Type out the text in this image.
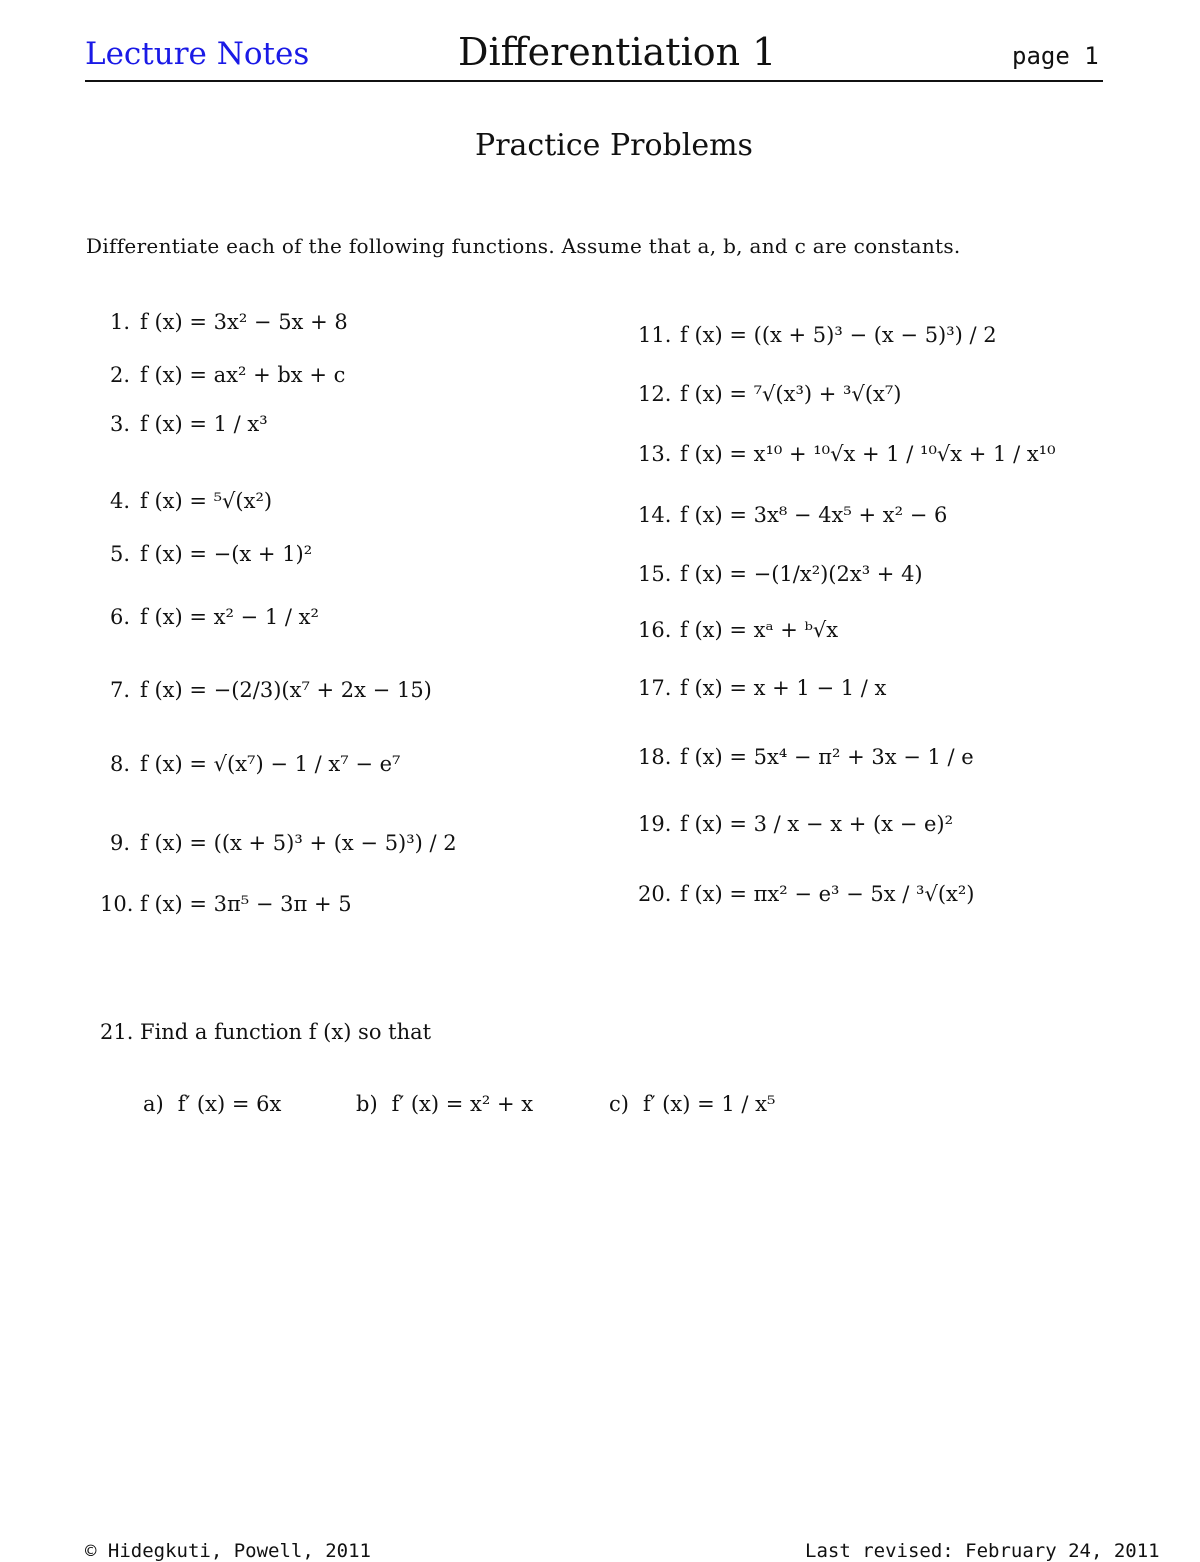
Lecture Notes	Differentiation 1	page 1
Practice Problems
Differentiate each of the following functions. Assume that a, b, and c are constants.
1. f (x) = 3x² − 5x + 8
2. f (x) = ax² + bx + c
3. f (x) = 1 / x³
4. f (x) = ⁵√(x²)
5. f (x) = −(x + 1)²
6. f (x) = x² − 1 / x²
7. f (x) = −(2/3)(x⁷ + 2x − 15)
8. f (x) = √(x⁷) − 1 / x⁷ − e⁷
9. f (x) = ((x + 5)³ + (x − 5)³) / 2
10. f (x) = 3π⁵ − 3π + 5
11. f (x) = ((x + 5)³ − (x − 5)³) / 2
12. f (x) = ⁷√(x³) + ³√(x⁷)
13. f (x) = x¹⁰ + ¹⁰√x + 1 / ¹⁰√x + 1 / x¹⁰
14. f (x) = 3x⁸ − 4x⁵ + x² − 6
15. f (x) = −(1/x²)(2x³ + 4)
16. f (x) = xᵃ + ᵇ√x
17. f (x) = x + 1 − 1 / x
18. f (x) = 5x⁴ − π² + 3x − 1 / e
19. f (x) = 3 / x − x + (x − e)²
20. f (x) = πx² − e³ − 5x / ³√(x²)
21. Find a function f (x) so that
a) f′ (x) = 6x	b) f′ (x) = x² + x	c) f′ (x) = 1 / x⁵
© Hidegkuti, Powell, 2011	Last revised: February 24, 2011
